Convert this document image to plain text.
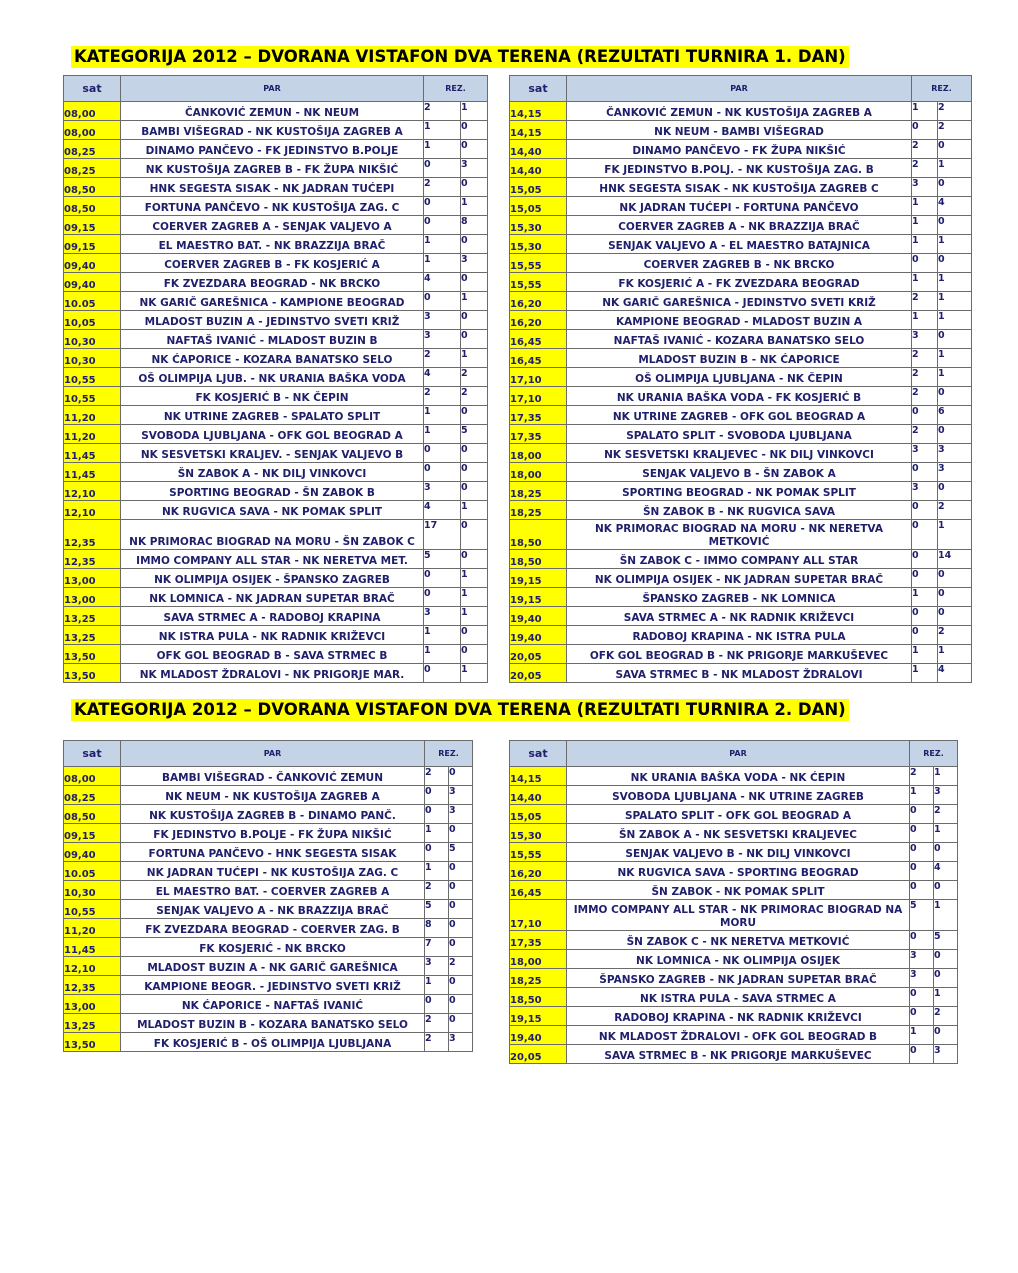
KATEGORIJA 2012 – DVORANA VISTAFON DVA TERENA (REZULTATI TURNIRA 1. DAN)
sat	PAR	REZ.	
08,00	ČANKOVIĆ ZEMUN - NK NEUM	2	1
08,00	BAMBI VIŠEGRAD - NK KUSTOŠIJA ZAGREB A	1	0
08,25	DINAMO PANČEVO - FK JEDINSTVO B.POLJE	1	0
08,25	NK KUSTOŠIJA ZAGREB B - FK ŽUPA NIKŠIĆ	0	3
08,50	HNK SEGESTA SISAK - NK JADRAN TUĆEPI	2	0
08,50	FORTUNA PANČEVO - NK KUSTOŠIJA ZAG. C	0	1
09,15	COERVER ZAGREB A - SENJAK VALJEVO A	0	8
09,15	EL MAESTRO BAT. - NK BRAZZIJA BRAČ	1	0
09,40	COERVER ZAGREB B - FK KOSJERIĆ A	1	3
09,40	FK ZVEZDARA BEOGRAD - NK BRCKO	4	0
10.05	NK GARIČ GAREŠNICA - KAMPIONE BEOGRAD	0	1
10,05	MLADOST BUZIN A - JEDINSTVO SVETI KRIŽ	3	0
10,30	NAFTAŠ IVANIĆ - MLADOST BUZIN B	3	0
10,30	NK ĆAPORICE - KOZARA BANATSKO SELO	2	1
10,55	OŠ OLIMPIJA LJUB. - NK URANIA BAŠKA VODA	4	2
10,55	FK KOSJERIĆ B - NK ČEPIN	2	2
11,20	NK UTRINE ZAGREB - SPALATO SPLIT	1	0
11,20	SVOBODA LJUBLJANA - OFK GOL BEOGRAD A	1	5
11,45	NK SESVETSKI KRALJEV. - SENJAK VALJEVO B	0	0
11,45	ŠN ZABOK A - NK DILJ VINKOVCI	0	0
12,10	SPORTING BEOGRAD - ŠN ZABOK B	3	0
12,10	NK RUGVICA SAVA - NK POMAK SPLIT	4	1
12,35	NK PRIMORAC BIOGRAD NA MORU - ŠN ZABOK C	17	0
12,35	IMMO COMPANY ALL STAR - NK NERETVA MET.	5	0
13,00	NK OLIMPIJA OSIJEK - ŠPANSKO ZAGREB	0	1
13,00	NK LOMNICA - NK JADRAN SUPETAR BRAČ	0	1
13,25	SAVA STRMEC A - RADOBOJ KRAPINA	3	1
13,25	NK ISTRA PULA - NK RADNIK KRIŽEVCI	1	0
13,50	OFK GOL BEOGRAD B - SAVA STRMEC B	1	0
13,50	NK MLADOST ŽDRALOVI - NK PRIGORJE MAR.	0	1
sat	PAR	REZ.	
14,15	ČANKOVIĆ ZEMUN - NK KUSTOŠIJA ZAGREB A	1	2
14,15	NK NEUM - BAMBI VIŠEGRAD	0	2
14,40	DINAMO PANČEVO - FK ŽUPA NIKŠIĆ	2	0
14,40	FK JEDINSTVO B.POLJ. - NK KUSTOŠIJA ZAG. B	2	1
15,05	HNK SEGESTA SISAK - NK KUSTOŠIJA ZAGREB C	3	0
15,05	NK JADRAN TUĆEPI - FORTUNA PANČEVO	1	4
15,30	COERVER ZAGREB A - NK BRAZZIJA BRAČ	1	0
15,30	SENJAK VALJEVO A - EL MAESTRO BATAJNICA	1	1
15,55	COERVER ZAGREB B - NK BRCKO	0	0
15,55	FK KOSJERIĆ A - FK ZVEZDARA BEOGRAD	1	1
16,20	NK GARIČ GAREŠNICA - JEDINSTVO SVETI KRIŽ	2	1
16,20	KAMPIONE BEOGRAD - MLADOST BUZIN A	1	1
16,45	NAFTAŠ IVANIĆ - KOZARA BANATSKO SELO	3	0
16,45	MLADOST BUZIN B - NK ĆAPORICE	2	1
17,10	OŠ OLIMPIJA LJUBLJANA - NK ČEPIN	2	1
17,10	NK URANIA BAŠKA VODA - FK KOSJERIĆ B	2	0
17,35	NK UTRINE ZAGREB - OFK GOL BEOGRAD A	0	6
17,35	SPALATO SPLIT - SVOBODA LJUBLJANA	2	0
18,00	NK SESVETSKI KRALJEVEC - NK DILJ VINKOVCI	3	3
18,00	SENJAK VALJEVO B - ŠN ZABOK A	0	3
18,25	SPORTING BEOGRAD - NK POMAK SPLIT	3	0
18,25	ŠN ZABOK B - NK RUGVICA SAVA	0	2
18,50	NK PRIMORAC BIOGRAD NA MORU - NK NERETVA METKOVIĆ	0	1
18,50	ŠN ZABOK C - IMMO COMPANY ALL STAR	0	14
19,15	NK OLIMPIJA OSIJEK - NK JADRAN SUPETAR BRAČ	0	0
19,15	ŠPANSKO ZAGREB - NK LOMNICA	1	0
19,40	SAVA STRMEC A - NK RADNIK KRIŽEVCI	0	0
19,40	RADOBOJ KRAPINA - NK ISTRA PULA	0	2
20,05	OFK GOL BEOGRAD B - NK PRIGORJE MARKUŠEVEC	1	1
20,05	SAVA STRMEC B - NK MLADOST ŽDRALOVI	1	4
KATEGORIJA 2012 – DVORANA VISTAFON DVA TERENA (REZULTATI TURNIRA 2. DAN)
sat	PAR	REZ.	
08,00	BAMBI VIŠEGRAD - ČANKOVIĆ ZEMUN	2	0
08,25	NK NEUM - NK KUSTOŠIJA ZAGREB A	0	3
08,50	NK KUSTOŠIJA ZAGREB B - DINAMO PANČ.	0	3
09,15	FK JEDINSTVO B.POLJE - FK ŽUPA NIKŠIĆ	1	0
09,40	FORTUNA PANČEVO - HNK SEGESTA SISAK	0	5
10.05	NK JADRAN TUĆEPI - NK KUSTOŠIJA ZAG. C	1	0
10,30	EL MAESTRO BAT. - COERVER ZAGREB A	2	0
10,55	SENJAK VALJEVO A - NK BRAZZIJA BRAČ	5	0
11,20	FK ZVEZDARA BEOGRAD - COERVER ZAG. B	8	0
11,45	FK KOSJERIĆ - NK BRCKO	7	0
12,10	MLADOST BUZIN A - NK GARIČ GAREŠNICA	3	2
12,35	KAMPIONE BEOGR. - JEDINSTVO SVETI KRIŽ	1	0
13,00	NK ĆAPORICE - NAFTAŠ IVANIĆ	0	0
13,25	MLADOST BUZIN B - KOZARA BANATSKO SELO	2	0
13,50	FK KOSJERIĆ B - OŠ OLIMPIJA LJUBLJANA	2	3
sat	PAR	REZ.	
14,15	NK URANIA BAŠKA VODA - NK ĆEPIN	2	1
14,40	SVOBODA LJUBLJANA - NK UTRINE ZAGREB	1	3
15,05	SPALATO SPLIT - OFK GOL BEOGRAD A	0	2
15,30	ŠN ZABOK A - NK SESVETSKI KRALJEVEC	0	1
15,55	SENJAK VALJEVO B - NK DILJ VINKOVCI	0	0
16,20	NK RUGVICA SAVA - SPORTING BEOGRAD	0	4
16,45	ŠN ZABOK - NK POMAK SPLIT	0	0
17,10	IMMO COMPANY ALL STAR - NK PRIMORAC BIOGRAD NA MORU	5	1
17,35	ŠN ZABOK C - NK NERETVA METKOVIĆ	0	5
18,00	NK LOMNICA - NK OLIMPIJA OSIJEK	3	0
18,25	ŠPANSKO ZAGREB - NK JADRAN SUPETAR BRAČ	3	0
18,50	NK ISTRA PULA - SAVA STRMEC A	0	1
19,15	RADOBOJ KRAPINA - NK RADNIK KRIŽEVCI	0	2
19,40	NK MLADOST ŽDRALOVI - OFK GOL BEOGRAD B	1	0
20,05	SAVA STRMEC B - NK PRIGORJE MARKUŠEVEC	0	3
